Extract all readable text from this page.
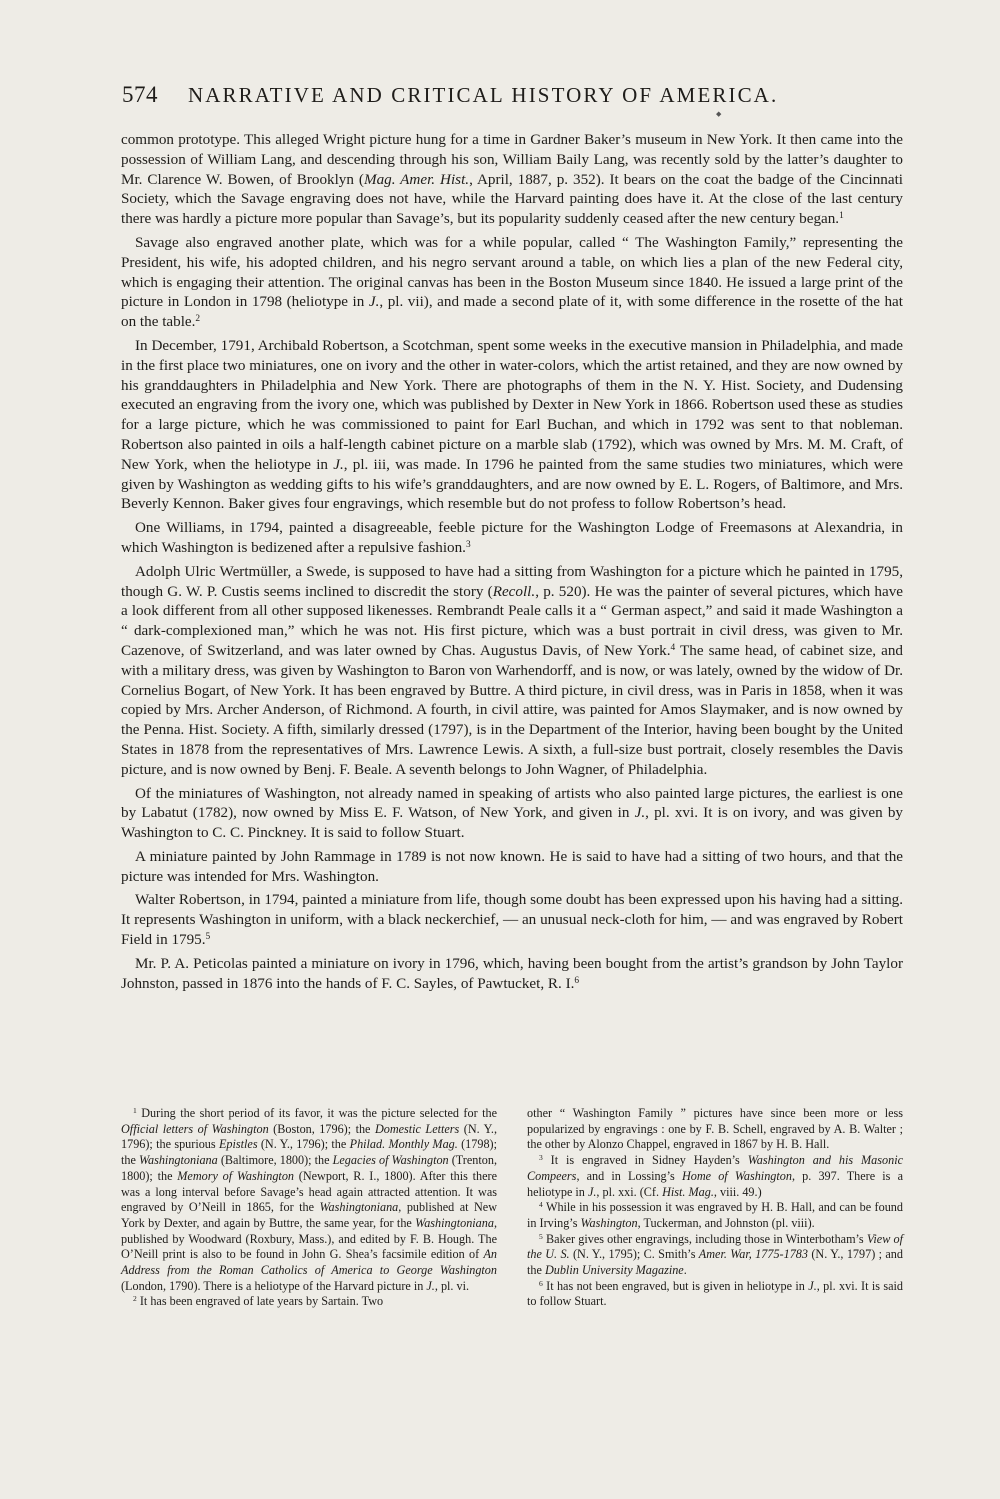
574 NARRATIVE AND CRITICAL HISTORY OF AMERICA.
◆

common prototype. This alleged Wright picture hung for a time in Gardner Baker’s museum in New York. It then came into the possession of William Lang, and descending through his son, William Baily Lang, was recently sold by the latter’s daughter to Mr. Clarence W. Bowen, of Brooklyn (Mag. Amer. Hist., April, 1887, p. 352). It bears on the coat the badge of the Cincinnati Society, which the Savage engraving does not have, while the Harvard painting does have it. At the close of the last century there was hardly a picture more popular than Savage’s, but its popularity suddenly ceased after the new century began.$^1$

Savage also engraved another plate, which was for a while popular, called “ The Washington Family,” representing the President, his wife, his adopted children, and his negro servant around a table, on which lies a plan of the new Federal city, which is engaging their attention. The original canvas has been in the Boston Museum since 1840. He issued a large print of the picture in London in 1798 (heliotype in J., pl. vii), and made a second plate of it, with some difference in the rosette of the hat on the table.$^2$

In December, 1791, Archibald Robertson, a Scotchman, spent some weeks in the executive mansion in Philadelphia, and made in the first place two miniatures, one on ivory and the other in water-colors, which the artist retained, and they are now owned by his granddaughters in Philadelphia and New York. There are photographs of them in the N. Y. Hist. Society, and Dudensing executed an engraving from the ivory one, which was published by Dexter in New York in 1866. Robertson used these as studies for a large picture, which he was commissioned to paint for Earl Buchan, and which in 1792 was sent to that nobleman. Robertson also painted in oils a half-length cabinet picture on a marble slab (1792), which was owned by Mrs. M. M. Craft, of New York, when the heliotype in J., pl. iii, was made. In 1796 he painted from the same studies two miniatures, which were given by Washington as wedding gifts to his wife’s granddaughters, and are now owned by E. L. Rogers, of Baltimore, and Mrs. Beverly Kennon. Baker gives four engravings, which resemble but do not profess to follow Robertson’s head.

One Williams, in 1794, painted a disagreeable, feeble picture for the Washington Lodge of Freemasons at Alexandria, in which Washington is bedizened after a repulsive fashion.$^3$

Adolph Ulric Wertmüller, a Swede, is supposed to have had a sitting from Washington for a picture which he painted in 1795, though G. W. P. Custis seems inclined to discredit the story (Recoll., p. 520). He was the painter of several pictures, which have a look different from all other supposed likenesses. Rembrandt Peale calls it a “ German aspect,” and said it made Washington a “ dark-complexioned man,” which he was not. His first picture, which was a bust portrait in civil dress, was given to Mr. Cazenove, of Switzerland, and was later owned by Chas. Augustus Davis, of New York.$^4$ The same head, of cabinet size, and with a military dress, was given by Washington to Baron von Warhendorff, and is now, or was lately, owned by the widow of Dr. Cornelius Bogart, of New York. It has been engraved by Buttre. A third picture, in civil dress, was in Paris in 1858, when it was copied by Mrs. Archer Anderson, of Richmond. A fourth, in civil attire, was painted for Amos Slaymaker, and is now owned by the Penna. Hist. Society. A fifth, similarly dressed (1797), is in the Department of the Interior, having been bought by the United States in 1878 from the representatives of Mrs. Lawrence Lewis. A sixth, a full-size bust portrait, closely resembles the Davis picture, and is now owned by Benj. F. Beale. A seventh belongs to John Wagner, of Philadelphia.

Of the miniatures of Washington, not already named in speaking of artists who also painted large pictures, the earliest is one by Labatut (1782), now owned by Miss E. F. Watson, of New York, and given in J., pl. xvi. It is on ivory, and was given by Washington to C. C. Pinckney. It is said to follow Stuart.

A miniature painted by John Rammage in 1789 is not now known. He is said to have had a sitting of two hours, and that the picture was intended for Mrs. Washington.

Walter Robertson, in 1794, painted a miniature from life, though some doubt has been expressed upon his having had a sitting. It represents Washington in uniform, with a black neckerchief, — an unusual neck-cloth for him, — and was engraved by Robert Field in 1795.$^5$

Mr. P. A. Peticolas painted a miniature on ivory in 1796, which, having been bought from the artist’s grandson by John Taylor Johnston, passed in 1876 into the hands of F. C. Sayles, of Pawtucket, R. I.$^6$

$^1$ During the short period of its favor, it was the picture selected for the Official letters of Washington (Boston, 1796); the Domestic Letters (N. Y., 1796); the spurious Epistles (N. Y., 1796); the Philad. Monthly Mag. (1798); the Washingtoniana (Baltimore, 1800); the Legacies of Washington (Trenton, 1800); the Memory of Washington (Newport, R. I., 1800). After this there was a long interval before Savage’s head again attracted attention. It was engraved by O’Neill in 1865, for the Washingtoniana, published at New York by Dexter, and again by Buttre, the same year, for the Washingtoniana, published by Woodward (Roxbury, Mass.), and edited by F. B. Hough. The O’Neill print is also to be found in John G. Shea’s facsimile edition of An Address from the Roman Catholics of America to George Washington (London, 1790). There is a heliotype of the Harvard picture in J., pl. vi.

$^2$ It has been engraved of late years by Sartain. Two

other “ Washington Family ” pictures have since been more or less popularized by engravings : one by F. B. Schell, engraved by A. B. Walter ; the other by Alonzo Chappel, engraved in 1867 by H. B. Hall.

$^3$ It is engraved in Sidney Hayden’s Washington and his Masonic Compeers, and in Lossing’s Home of Washington, p. 397. There is a heliotype in J., pl. xxi. (Cf. Hist. Mag., viii. 49.)

$^4$ While in his possession it was engraved by H. B. Hall, and can be found in Irving’s Washington, Tuckerman, and Johnston (pl. viii).

$^5$ Baker gives other engravings, including those in Winterbotham’s View of the U. S. (N. Y., 1795); C. Smith’s Amer. War, 1775-1783 (N. Y., 1797) ; and the Dublin University Magazine.

$^6$ It has not been engraved, but is given in heliotype in J., pl. xvi. It is said to follow Stuart.
